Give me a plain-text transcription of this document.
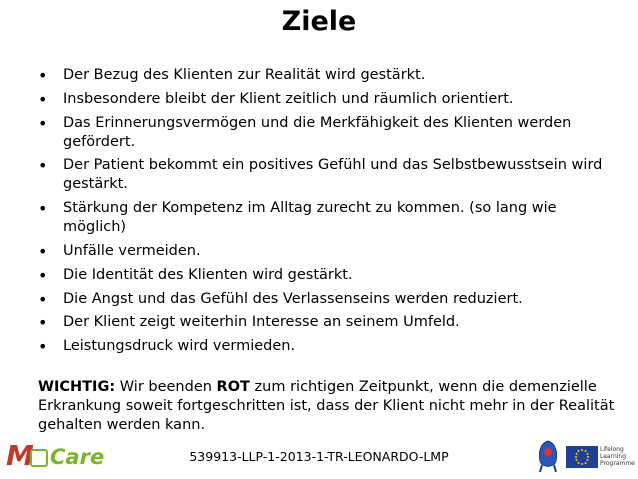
Ziele
• Der Bezug des Klienten zur Realität wird gestärkt.
• Insbesondere bleibt der Klient zeitlich und räumlich orientiert.
• Das Erinnerungsvermögen und die Merkfähigkeit des Klienten werden gefördert.
• Der Patient bekommt ein positives Gefühl und das Selbstbewusstsein wird gestärkt.
• Stärkung der Kompetenz im Alltag zurecht zu kommen. (so lang wie möglich)
• Unfälle vermeiden.
• Die Identität des Klienten wird gestärkt.
• Die Angst und das Gefühl des Verlassenseins werden reduziert.
• Der Klient zeigt weiterhin Interesse an seinem Umfeld.
• Leistungsdruck wird vermieden.
WICHTIG: Wir beenden ROT zum richtigen Zeitpunkt, wenn die demenzielle Erkrankung soweit fortgeschritten ist, dass der Klient nicht mehr in der Realität gehalten werden kann.
M Care	539913-LLP-1-2013-1-TR-LEONARDO-LMP	Lifelong Learning Programme
